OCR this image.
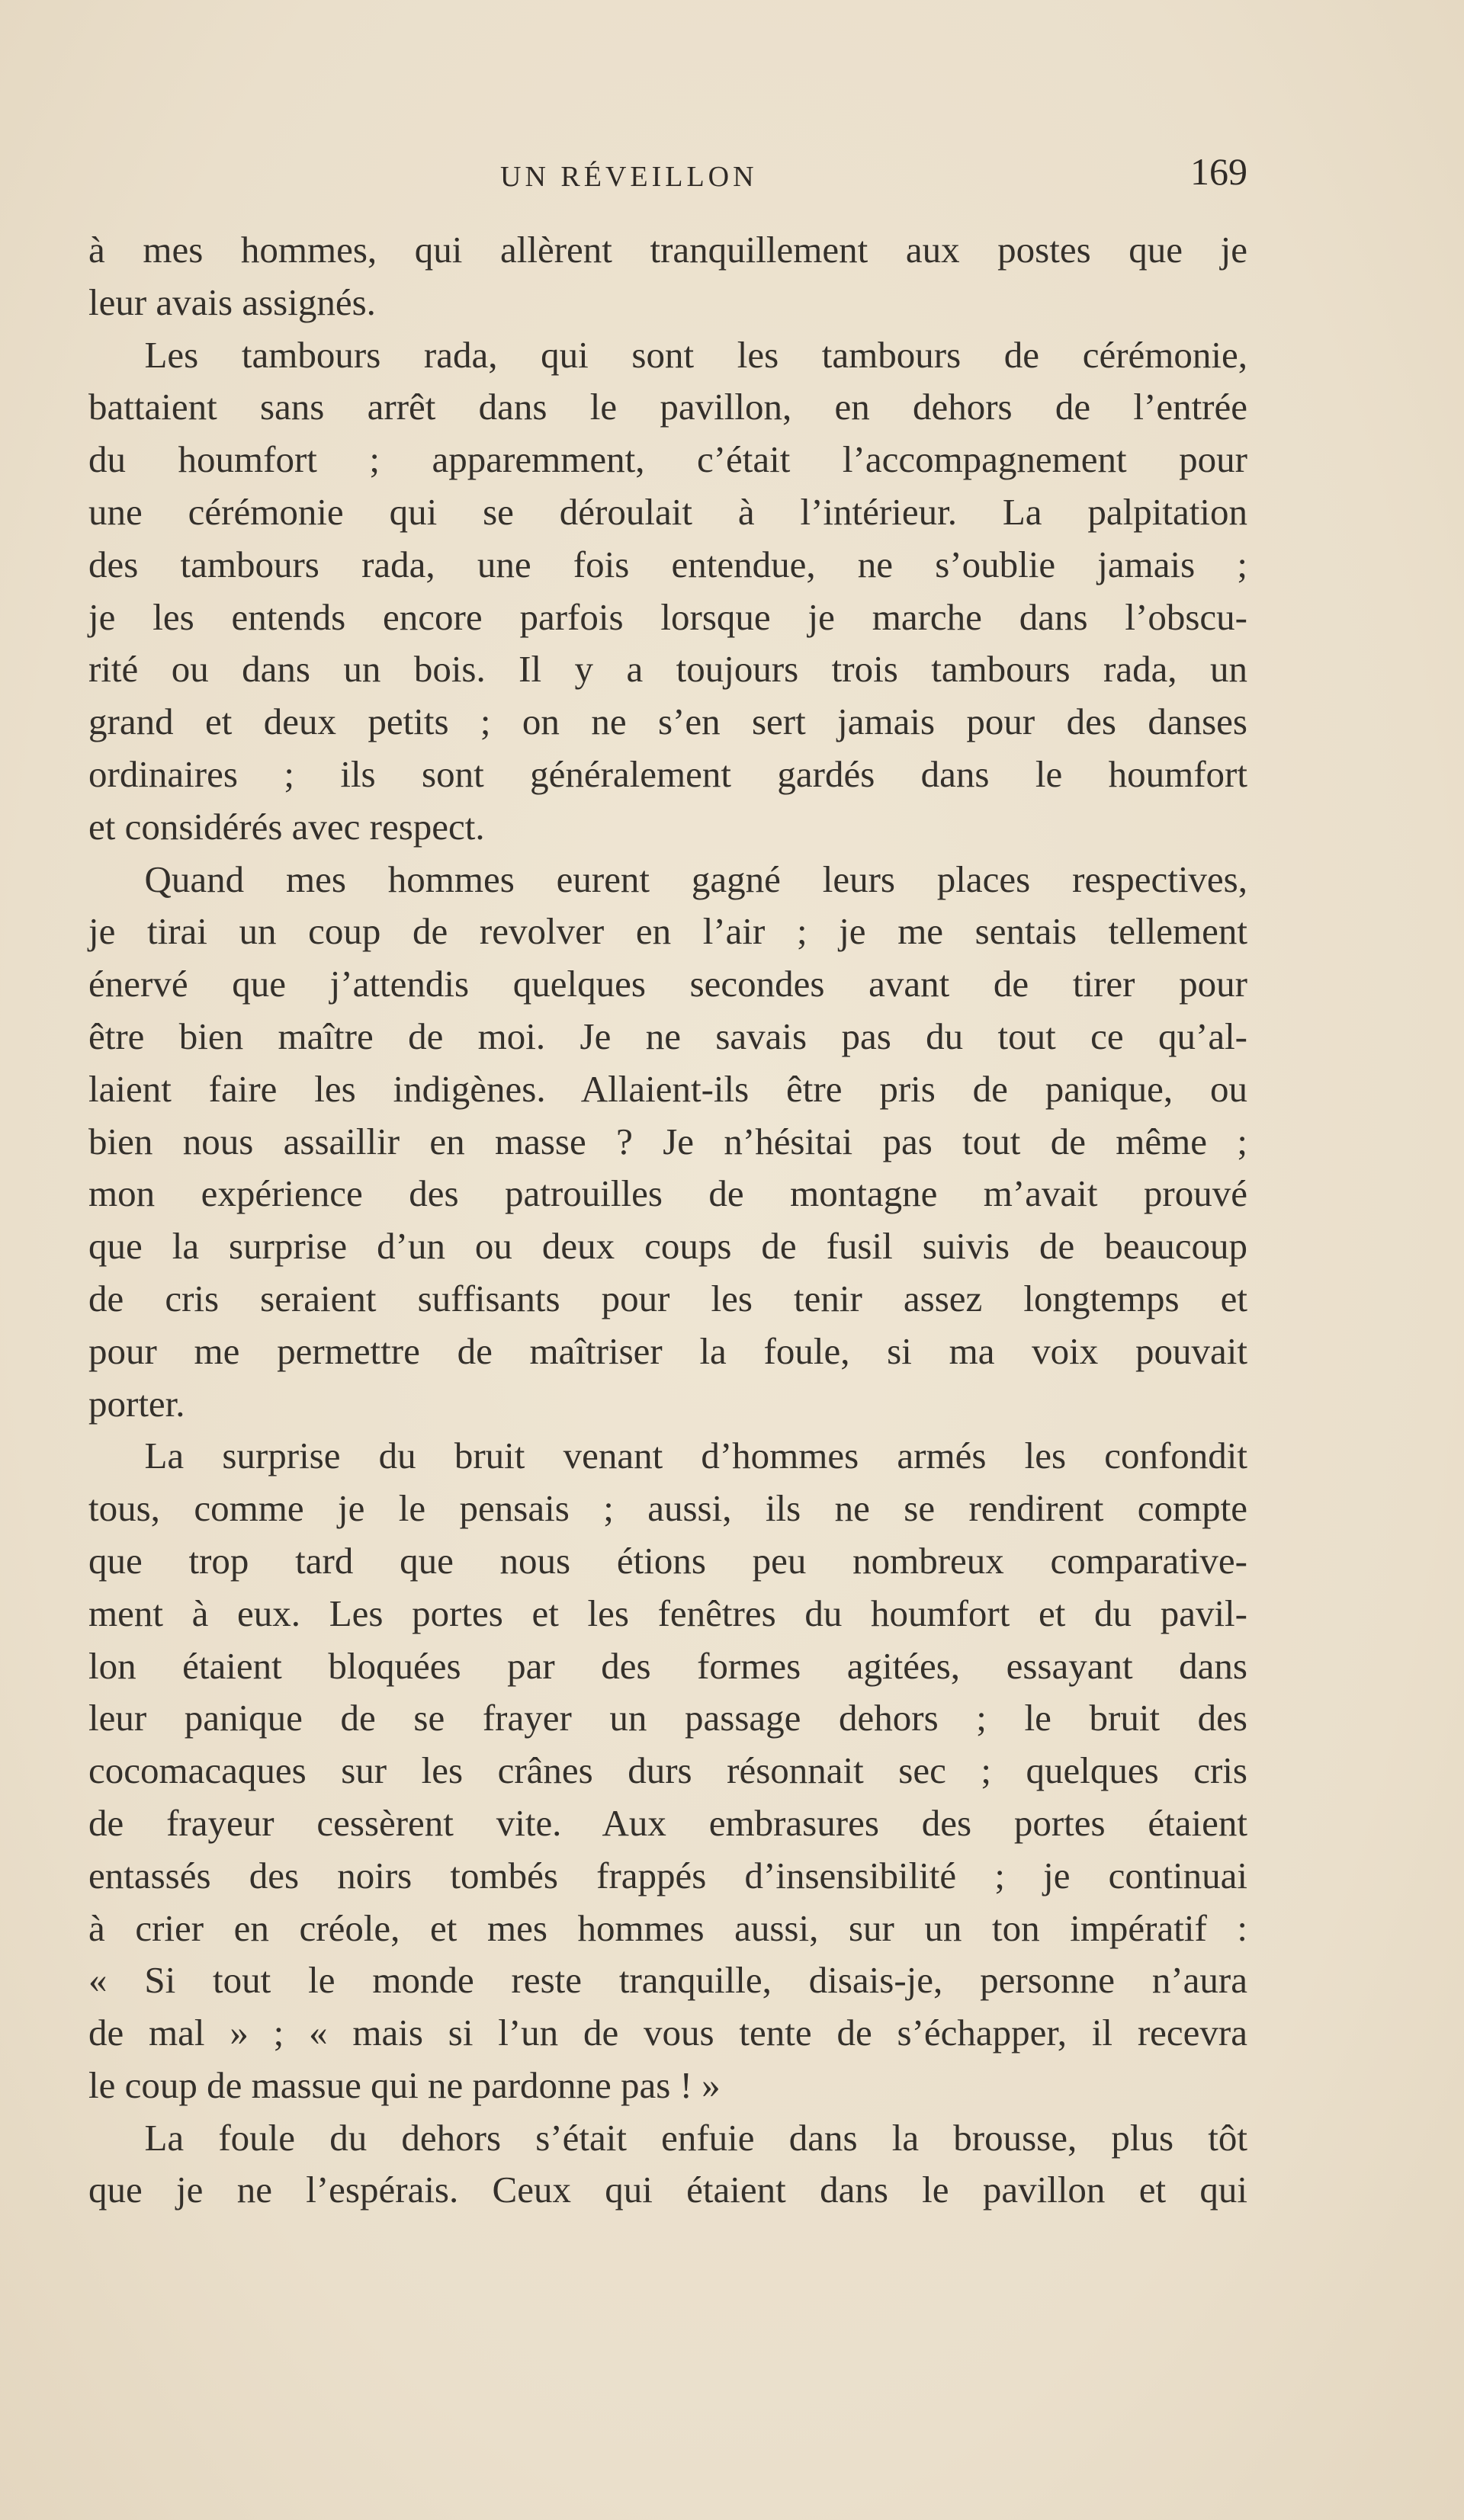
UN RÉVEILLON	169
à mes hommes, qui allèrent tranquillement aux postes que je
leur avais assignés.
Les tambours rada, qui sont les tambours de cérémonie,
battaient sans arrêt dans le pavillon, en dehors de l’entrée
du houmfort ; apparemment, c’était l’accompagnement pour
une cérémonie qui se déroulait à l’intérieur. La palpitation
des tambours rada, une fois entendue, ne s’oublie jamais ;
je les entends encore parfois lorsque je marche dans l’obscu-
rité ou dans un bois. Il y a toujours trois tambours rada, un
grand et deux petits ; on ne s’en sert jamais pour des danses
ordinaires ; ils sont généralement gardés dans le houmfort
et considérés avec respect.
Quand mes hommes eurent gagné leurs places respectives,
je tirai un coup de revolver en l’air ; je me sentais tellement
énervé que j’attendis quelques secondes avant de tirer pour
être bien maître de moi. Je ne savais pas du tout ce qu’al-
laient faire les indigènes. Allaient-ils être pris de panique, ou
bien nous assaillir en masse ? Je n’hésitai pas tout de même ;
mon expérience des patrouilles de montagne m’avait prouvé
que la surprise d’un ou deux coups de fusil suivis de beaucoup
de cris seraient suffisants pour les tenir assez longtemps et
pour me permettre de maîtriser la foule, si ma voix pouvait
porter.
La surprise du bruit venant d’hommes armés les confondit
tous, comme je le pensais ; aussi, ils ne se rendirent compte
que trop tard que nous étions peu nombreux comparative-
ment à eux. Les portes et les fenêtres du houmfort et du pavil-
lon étaient bloquées par des formes agitées, essayant dans
leur panique de se frayer un passage dehors ; le bruit des
cocomacaques sur les crânes durs résonnait sec ; quelques cris
de frayeur cessèrent vite. Aux embrasures des portes étaient
entassés des noirs tombés frappés d’insensibilité ; je continuai
à crier en créole, et mes hommes aussi, sur un ton impératif :
« Si tout le monde reste tranquille, disais-je, personne n’aura
de mal » ; « mais si l’un de vous tente de s’échapper, il recevra
le coup de massue qui ne pardonne pas ! »
La foule du dehors s’était enfuie dans la brousse, plus tôt
que je ne l’espérais. Ceux qui étaient dans le pavillon et qui
